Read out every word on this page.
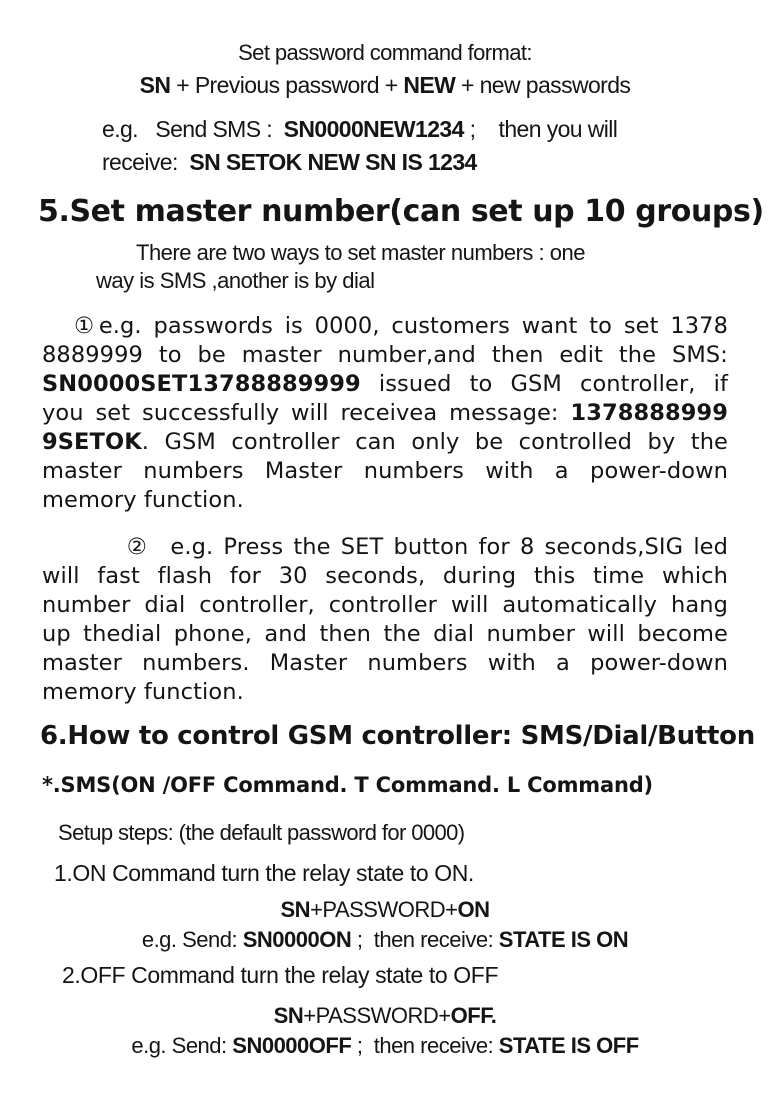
Set password command format:
SN + Previous password + NEW + new passwords
e.g.   Send SMS :  SN0000NEW1234 ;    then you will
receive:  SN SETOK NEW SN IS 1234
5.Set master number(can set up 10 groups)
There are two ways to set master numbers : one
way is SMS ,another is by dial
①e.g. passwords is 0000, customers want to set 1378
8889999 to be master number,and then edit the SMS:
SN0000SET13788889999 issued to GSM controller, if
you set successfully will receivea message: 1378888999
9SETOK. GSM controller can only be controlled by the
master numbers Master numbers with a power-down
memory function.
②  e.g. Press the SET button for 8 seconds,SIG led
will fast flash for 30 seconds, during this time which
number dial controller, controller will automatically hang
up thedial phone, and then the dial number will become
master numbers. Master numbers with a power-down
memory function.
6.How to control GSM controller: SMS/Dial/Button
*.SMS(ON /OFF Command. T Command. L Command)
Setup steps: (the default password for 0000)
1.ON Command turn the relay state to ON.
SN+PASSWORD+ON
e.g. Send: SN0000ON ;  then receive: STATE IS ON
2.OFF Command turn the relay state to OFF
SN+PASSWORD+OFF.
e.g. Send: SN0000OFF ;  then receive: STATE IS OFF
